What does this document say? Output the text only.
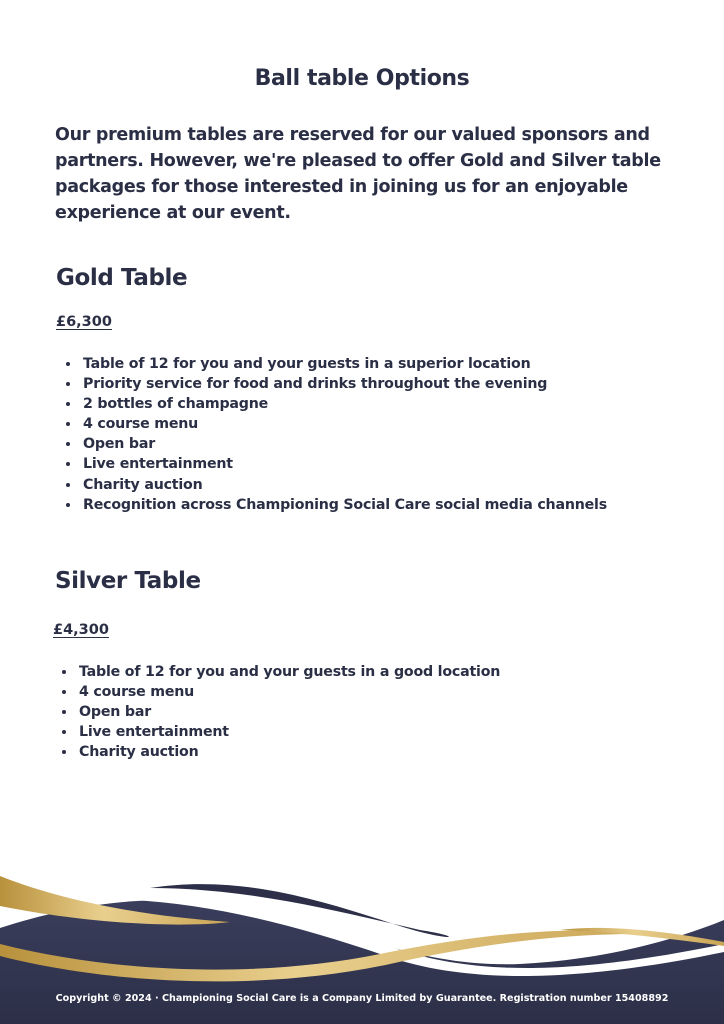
Ball table Options

Our premium tables are reserved for our valued sponsors and partners. However, we're pleased to offer Gold and Silver table packages for those interested in joining us for an enjoyable experience at our event.

Gold Table
£6,300
• Table of 12 for you and your guests in a superior location
• Priority service for food and drinks throughout the evening
• 2 bottles of champagne
• 4 course menu
• Open bar
• Live entertainment
• Charity auction
• Recognition across Championing Social Care social media channels
Silver Table
£4,300
• Table of 12 for you and your guests in a good location
• 4 course menu
• Open bar
• Live entertainment
• Charity auction
Copyright © 2024 · Championing Social Care is a Company Limited by Guarantee. Registration number 15408892
